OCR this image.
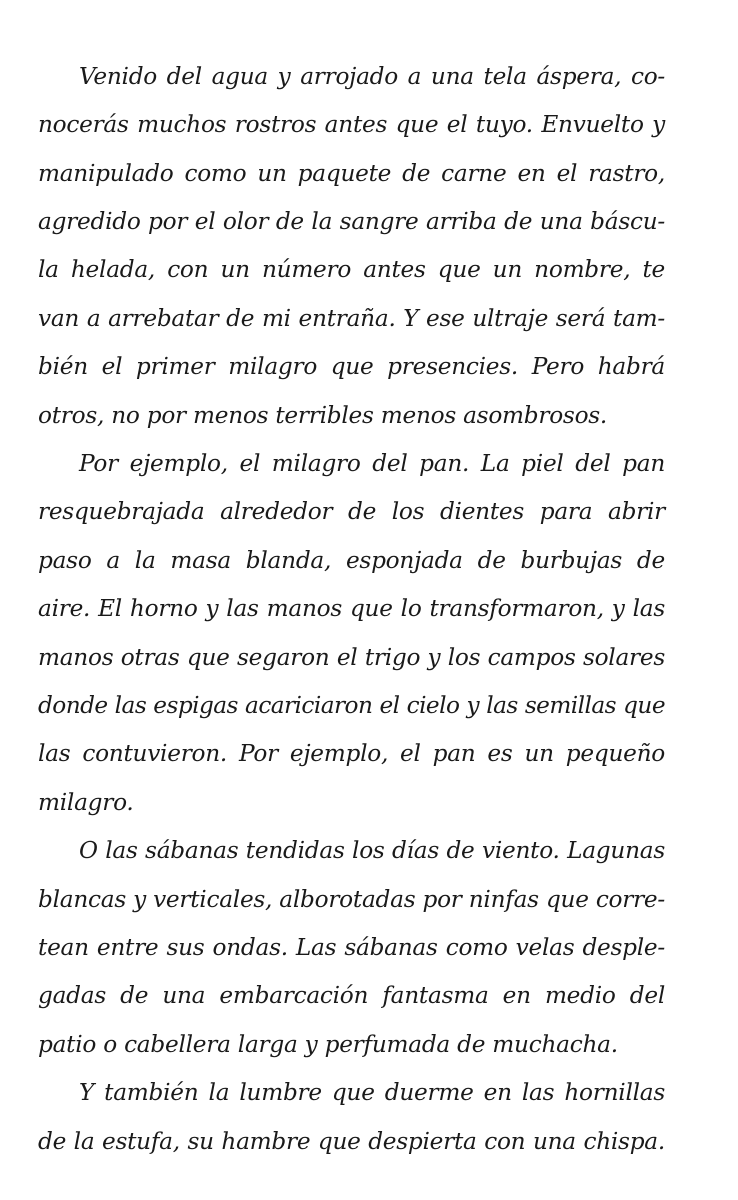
Venido del agua y arrojado a una tela áspera, co-
nocerás muchos rostros antes que el tuyo. Envuelto y
manipulado como un paquete de carne en el rastro,
agredido por el olor de la sangre arriba de una báscu-
la helada, con un número antes que un nombre, te
van a arrebatar de mi entraña. Y ese ultraje será tam-
bién el primer milagro que presencies. Pero habrá
otros, no por menos terribles menos asombrosos.
Por ejemplo, el milagro del pan. La piel del pan
resquebrajada alrededor de los dientes para abrir
paso a la masa blanda, esponjada de burbujas de
aire. El horno y las manos que lo transformaron, y las
manos otras que segaron el trigo y los campos solares
donde las espigas acariciaron el cielo y las semillas que
las contuvieron. Por ejemplo, el pan es un pequeño
milagro.
O las sábanas tendidas los días de viento. Lagunas
blancas y verticales, alborotadas por ninfas que corre-
tean entre sus ondas. Las sábanas como velas desple-
gadas de una embarcación fantasma en medio del
patio o cabellera larga y perfumada de muchacha.
Y también la lumbre que duerme en las hornillas
de la estufa, su hambre que despierta con una chispa.
